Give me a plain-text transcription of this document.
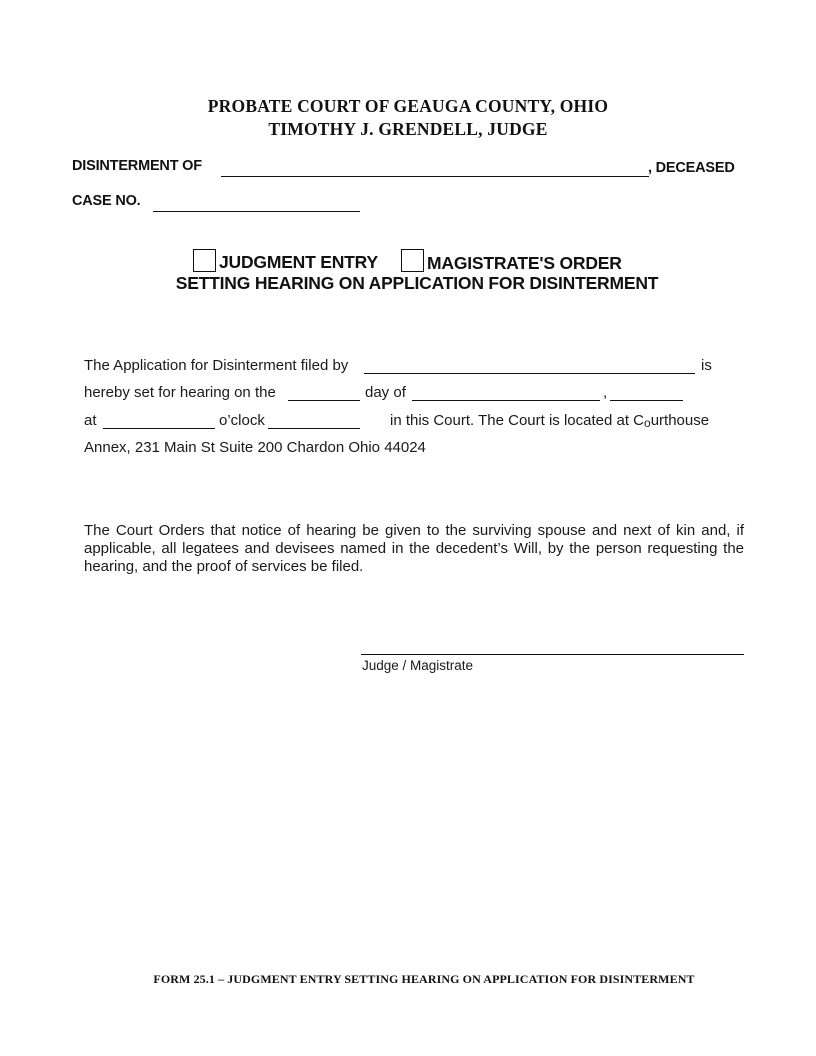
PROBATE COURT OF GEAUGA COUNTY, OHIO
TIMOTHY J. GRENDELL, JUDGE
DISINTERMENT OF	, DECEASED
CASE NO.
JUDGMENT ENTRY	MAGISTRATE'S ORDER
SETTING HEARING ON APPLICATION FOR DISINTERMENT
The Application for Disinterment filed by	is
hereby set for hearing on the	day of	,
at	o’clock	in this Court. The Court is located at Courthouse
Annex, 231 Main St Suite 200 Chardon Ohio 44024
The Court Orders that notice of hearing be given to the surviving spouse and next of kin and, if applicable, all legatees and devisees named in the decedent’s Will, by the person requesting the hearing, and the proof of services be filed.
Judge / Magistrate
FORM 25.1 – JUDGMENT ENTRY SETTING HEARING ON APPLICATION FOR DISINTERMENT
